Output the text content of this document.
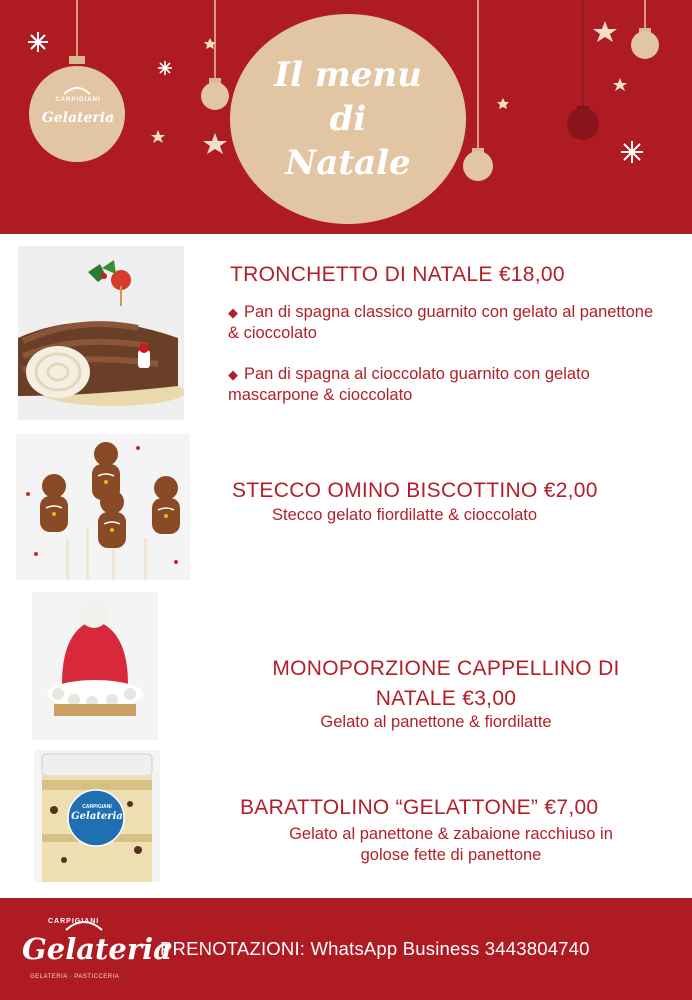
CARPIGIANI
Gelateria
Il menu
di
Natale
TRONCHETTO DI NATALE €18,00
◆ Pan di spagna classico guarnito con gelato al panettone & cioccolato
◆ Pan di spagna al cioccolato guarnito con gelato mascarpone & cioccolato
STECCO OMINO BISCOTTINO €2,00
Stecco gelato fiordilatte & cioccolato
MONOPORZIONE CAPPELLINO DI
NATALE €3,00
Gelato al panettone & fiordilatte
CARPIGIANI
Gelateria	BARATTOLINO “GELATTONE” €7,00
Gelato al panettone & zabaione racchiuso in
golose fette di panettone
CARPIGIANI
Gelateria
GELATERIA · PASTICCERIA
PRENOTAZIONI: WhatsApp Business 3443804740
